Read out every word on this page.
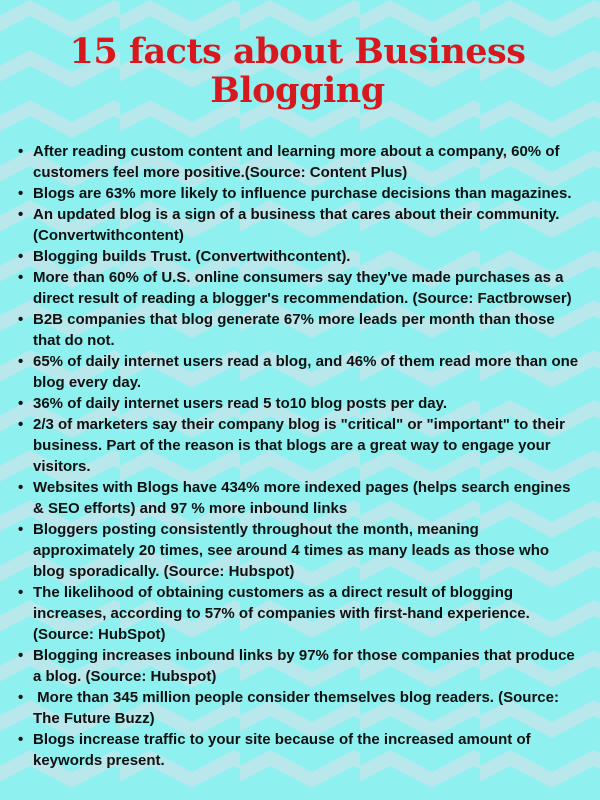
15 facts about Business Blogging
• After reading custom content and learning more about a company, 60% of customers feel more positive.(Source: Content Plus)
• Blogs are 63% more likely to influence purchase decisions than magazines.
• An updated blog is a sign of a business that cares about their community. (Convertwithcontent)
• Blogging builds Trust. (Convertwithcontent).
• More than 60% of U.S. online consumers say they've made purchases as a direct result of reading a blogger's recommendation. (Source: Factbrowser)
• B2B companies that blog generate 67% more leads per month than those that do not.
• 65% of daily internet users read a blog, and 46% of them read more than one blog every day.
• 36% of daily internet users read 5 to10 blog posts per day.
• 2/3 of marketers say their company blog is "critical" or "important" to their business. Part of the reason is that blogs are a great way to engage your visitors.
• Websites with Blogs have 434% more indexed pages (helps search engines & SEO efforts) and 97 % more inbound links
• Bloggers posting consistently throughout the month, meaning approximately 20 times, see around 4 times as many leads as those who blog sporadically. (Source: Hubspot)
• The likelihood of obtaining customers as a direct result of blogging increases, according to 57% of companies with first-hand experience. (Source: HubSpot)
• Blogging increases inbound links by 97% for those companies that produce a blog. (Source: Hubspot)
• More than 345 million people consider themselves blog readers. (Source: The Future Buzz)
• Blogs increase traffic to your site because of the increased amount of keywords present.
